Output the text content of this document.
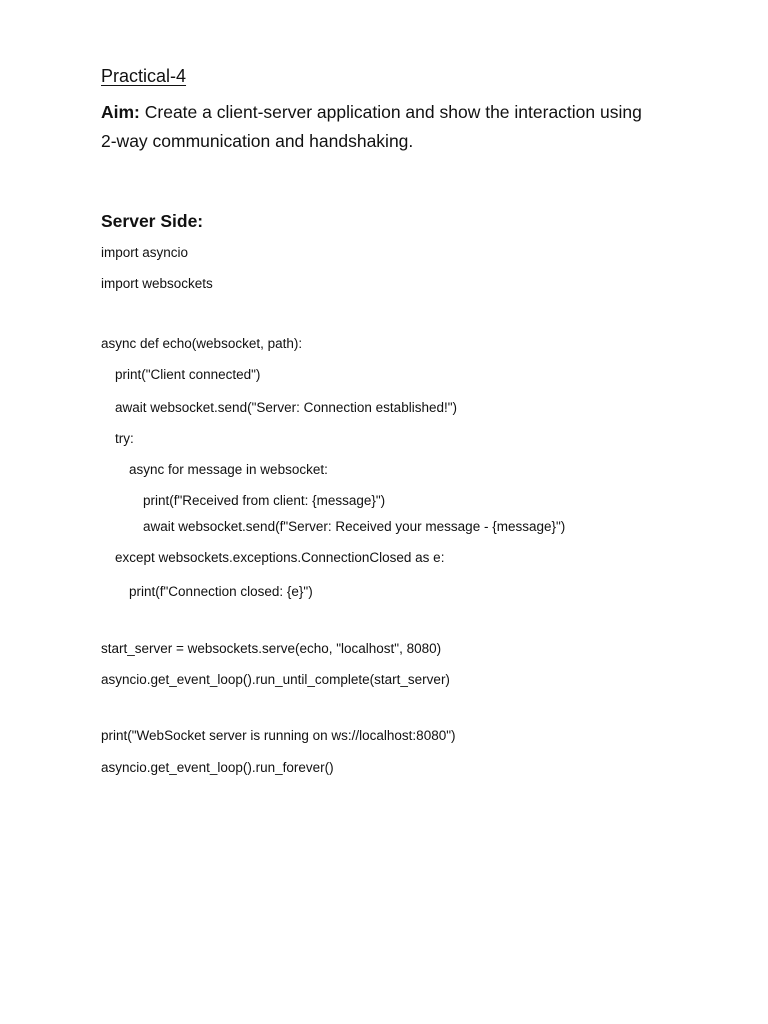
Practical-4
Aim: Create a client-server application and show the interaction using 2-way communication and handshaking.
Server Side:
import asyncio
import websockets
async def echo(websocket, path):
print("Client connected")
await websocket.send("Server: Connection established!")
try:
async for message in websocket:
print(f"Received from client: {message}")
await websocket.send(f"Server: Received your message - {message}")
except websockets.exceptions.ConnectionClosed as e:
print(f"Connection closed: {e}")
start_server = websockets.serve(echo, "localhost", 8080)
asyncio.get_event_loop().run_until_complete(start_server)
print("WebSocket server is running on ws://localhost:8080")
asyncio.get_event_loop().run_forever()
